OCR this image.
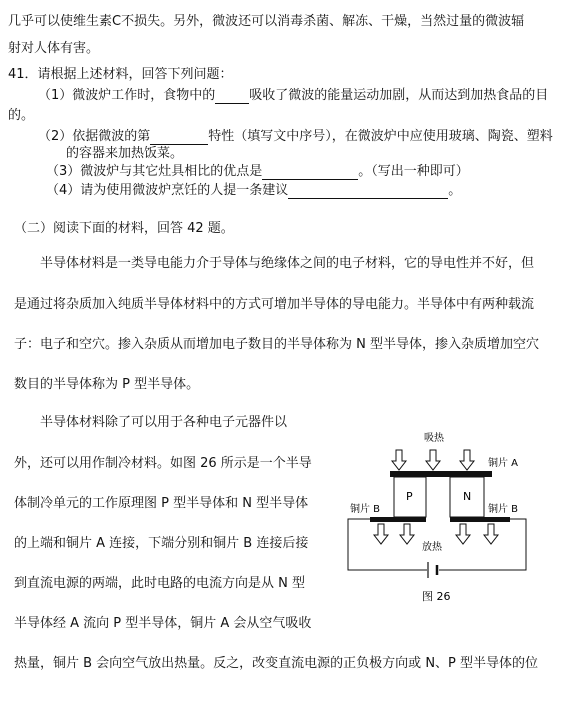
几乎可以使维生素C不损失。另外，微波还可以消毒杀菌、解冻、干燥，当然过量的微波辐
射对人体有害。
41．请根据上述材料，回答下列问题：
（1）微波炉工作时，食物中的	吸收了微波的能量运动加剧，从而达到加热食品的目
的。
（2）依据微波的第	特性（填写文中序号），在微波炉中应使用玻璃、陶瓷、塑料
的容器来加热饭菜。
（3）微波炉与其它灶具相比的优点是	。（写出一种即可）
（4）请为使用微波炉烹饪的人提一条建议	。
（二）阅读下面的材料，回答 42 题。
半导体材料是一类导电能力介于导体与绝缘体之间的电子材料，它的导电性并不好，但
是通过将杂质加入纯质半导体材料中的方式可增加半导体的导电能力。半导体中有两种载流
子：电子和空穴。掺入杂质从而增加电子数目的半导体称为 N 型半导体，掺入杂质增加空穴
数目的半导体称为 P 型半导体。
半导体材料除了可以用于各种电子元器件以
外，还可以用作制冷材料。如图 26 所示是一个半导
体制冷单元的工作原理图 P 型半导体和 N 型半导体
的上端和铜片 A 连接，下端分别和铜片 B 连接后接
到直流电源的两端，此时电路的电流方向是从 N 型
半导体经 A 流向 P 型半导体，铜片 A 会从空气吸收
热量，铜片 B 会向空气放出热量。反之，改变直流电源的正负极方向或 N、P 型半导体的位
吸热
铜片 A
P	N
铜片 B	铜片 B
放热
图 26
